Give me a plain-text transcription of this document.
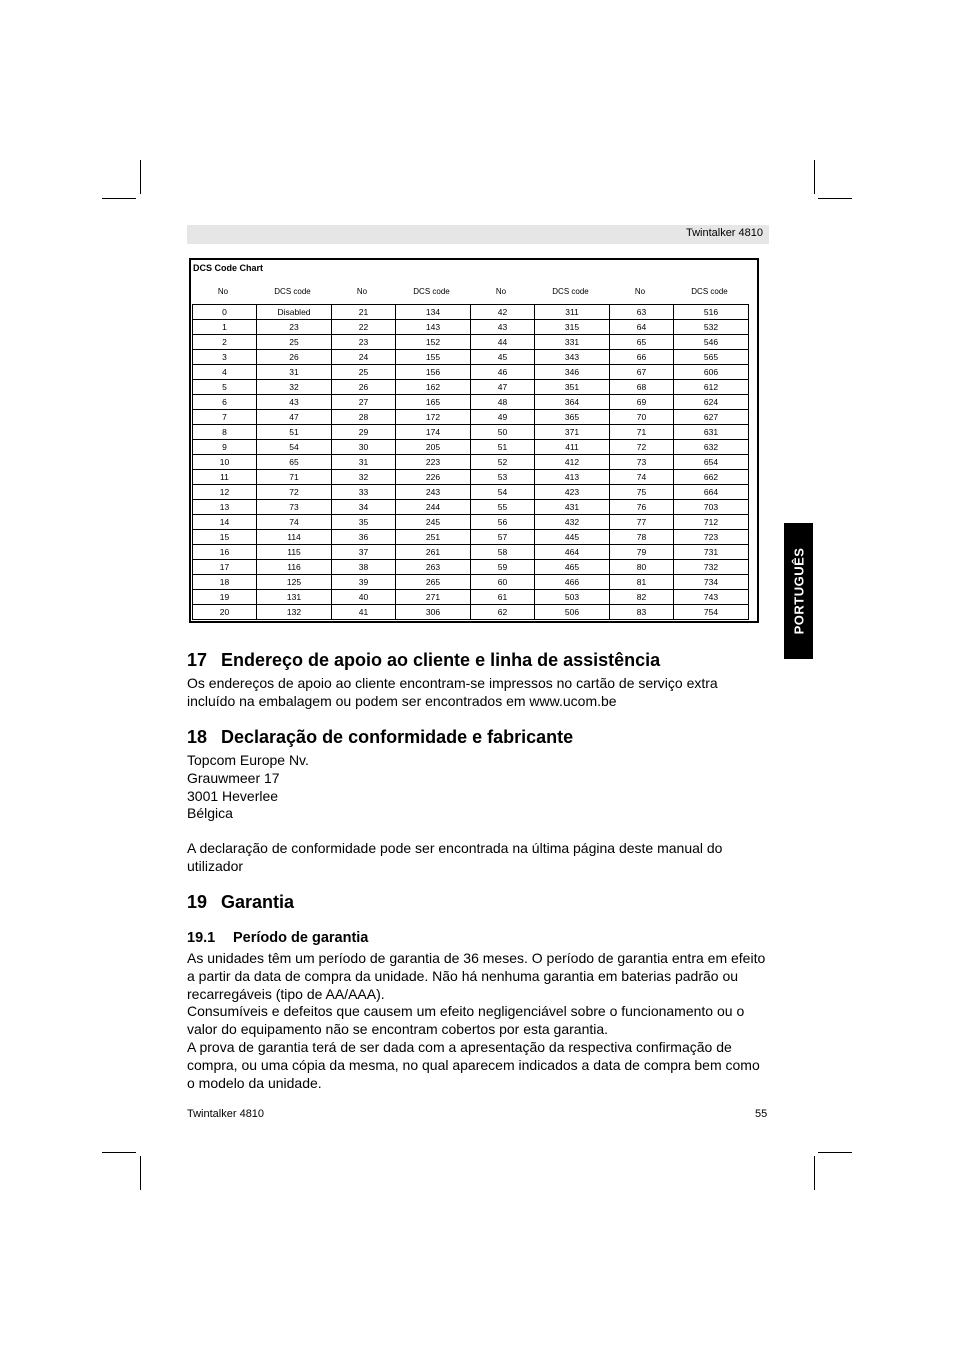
Twintalker 4810
PORTUGUÊS
DCS Code Chart
No	DCS code	No	DCS code	No	DCS code	No	DCS code
0	Disabled	21	134	42	311	63	516
1	23	22	143	43	315	64	532
2	25	23	152	44	331	65	546
3	26	24	155	45	343	66	565
4	31	25	156	46	346	67	606
5	32	26	162	47	351	68	612
6	43	27	165	48	364	69	624
7	47	28	172	49	365	70	627
8	51	29	174	50	371	71	631
9	54	30	205	51	411	72	632
10	65	31	223	52	412	73	654
11	71	32	226	53	413	74	662
12	72	33	243	54	423	75	664
13	73	34	244	55	431	76	703
14	74	35	245	56	432	77	712
15	114	36	251	57	445	78	723
16	115	37	261	58	464	79	731
17	116	38	263	59	465	80	732
18	125	39	265	60	466	81	734
19	131	40	271	61	503	82	743
20	132	41	306	62	506	83	754
17 Endereço de apoio ao cliente e linha de assistência
Os endereços de apoio ao cliente encontram-se impressos no cartão de serviço extra
incluído na embalagem ou podem ser encontrados em www.ucom.be
18 Declaração de conformidade e fabricante
Topcom Europe Nv.
Grauwmeer 17
3001 Heverlee
Bélgica
A declaração de conformidade pode ser encontrada na última página deste manual do
utilizador
19 Garantia
19.1 Período de garantia
As unidades têm um período de garantia de 36 meses. O período de garantia entra em efeito
a partir da data de compra da unidade. Não há nenhuma garantia em baterias padrão ou
recarregáveis (tipo de AA/AAA).
Consumíveis e defeitos que causem um efeito negligenciável sobre o funcionamento ou o
valor do equipamento não se encontram cobertos por esta garantia.
A prova de garantia terá de ser dada com a apresentação da respectiva confirmação de
compra, ou uma cópia da mesma, no qual aparecem indicados a data de compra bem como
o modelo da unidade.
Twintalker 4810	55
